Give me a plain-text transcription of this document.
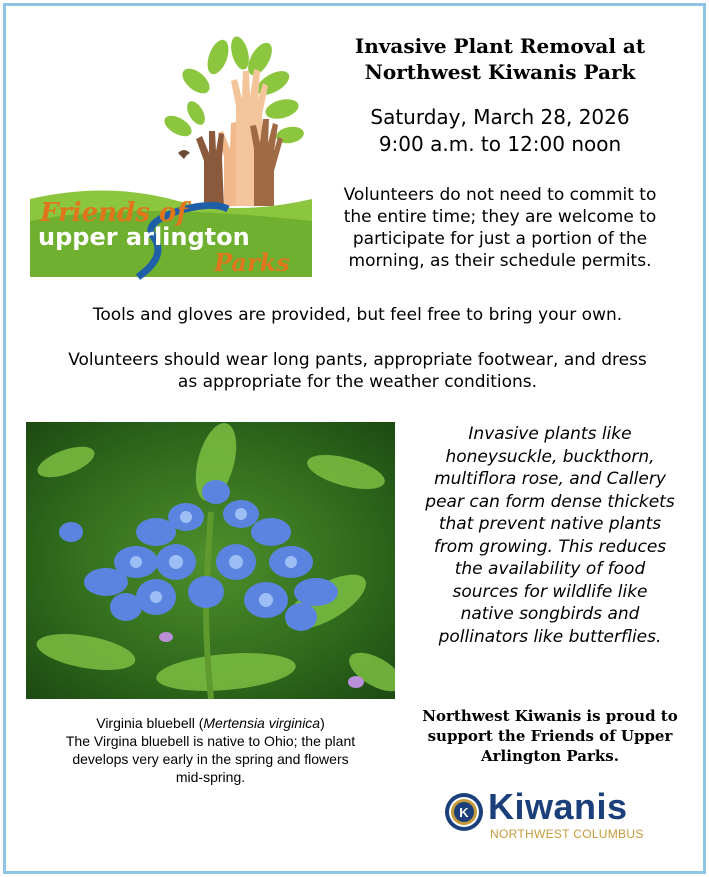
Friends of
upper arlington
Parks
Invasive Plant Removal at
Northwest Kiwanis Park
Saturday, March 28, 2026
9:00 a.m. to 12:00 noon
Volunteers do not need to commit to
the entire time; they are welcome to
participate for just a portion of the
morning, as their schedule permits.
Tools and gloves are provided, but feel free to bring your own.
Volunteers should wear long pants, appropriate footwear, and dress
as appropriate for the weather conditions.
Invasive plants like
honeysuckle, buckthorn,
multiflora rose, and Callery
pear can form dense thickets
that prevent native plants
from growing. This reduces
the availability of food
sources for wildlife like
native songbirds and
pollinators like butterflies.
Virginia bluebell (Mertensia virginica)
The Virgina bluebell is native to Ohio; the plant
develops very early in the spring and flowers
mid-spring.
Northwest Kiwanis is proud to
support the Friends of Upper
Arlington Parks.
K Kiwanis
NORTHWEST COLUMBUS
